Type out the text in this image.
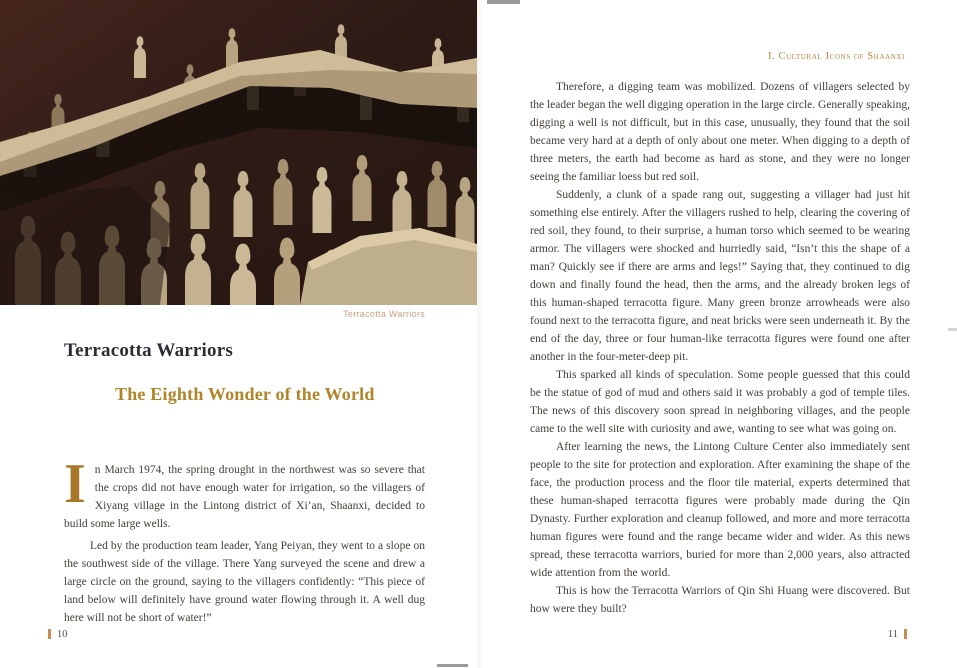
Terracotta Warriors
Terracotta Warriors
The Eighth Wonder of the World

In March 1974, the spring drought in the northwest was so severe that the crops did not have enough water for irrigation, so the villagers of Xiyang village in the Lintong district of Xi’an, Shaanxi, decided to build some large wells.

Led by the production team leader, Yang Peiyan, they went to a slope on the southwest side of the village. There Yang surveyed the scene and drew a large circle on the ground, saying to the villagers confidently: “This piece of land below will definitely have ground water flowing through it. A well dug here will not be short of water!”

10
I. Cultural Icons of Shaanxi

Therefore, a digging team was mobilized. Dozens of villagers selected by the leader began the well digging operation in the large circle. Generally speaking, digging a well is not difficult, but in this case, unusually, they found that the soil became very hard at a depth of only about one meter. When digging to a depth of three meters, the earth had become as hard as stone, and they were no longer seeing the familiar loess but red soil.

Suddenly, a clunk of a spade rang out, suggesting a villager had just hit something else entirely. After the villagers rushed to help, clearing the covering of red soil, they found, to their surprise, a human torso which seemed to be wearing armor. The villagers were shocked and hurriedly said, “Isn’t this the shape of a man? Quickly see if there are arms and legs!” Saying that, they continued to dig down and finally found the head, then the arms, and the already broken legs of this human-shaped terracotta figure. Many green bronze arrowheads were also found next to the terracotta figure, and neat bricks were seen underneath it. By the end of the day, three or four human-like terracotta figures were found one after another in the four-meter-deep pit.

This sparked all kinds of speculation. Some people guessed that this could be the statue of god of mud and others said it was probably a god of temple tiles. The news of this discovery soon spread in neighboring villages, and the people came to the well site with curiosity and awe, wanting to see what was going on.

After learning the news, the Lintong Culture Center also immediately sent people to the site for protection and exploration. After examining the shape of the face, the production process and the floor tile material, experts determined that these human-shaped terracotta figures were probably made during the Qin Dynasty. Further exploration and cleanup followed, and more and more terracotta human figures were found and the range became wider and wider. As this news spread, these terracotta warriors, buried for more than 2,000 years, also attracted wide attention from the world.

This is how the Terracotta Warriors of Qin Shi Huang were discovered. But how were they built?

11
